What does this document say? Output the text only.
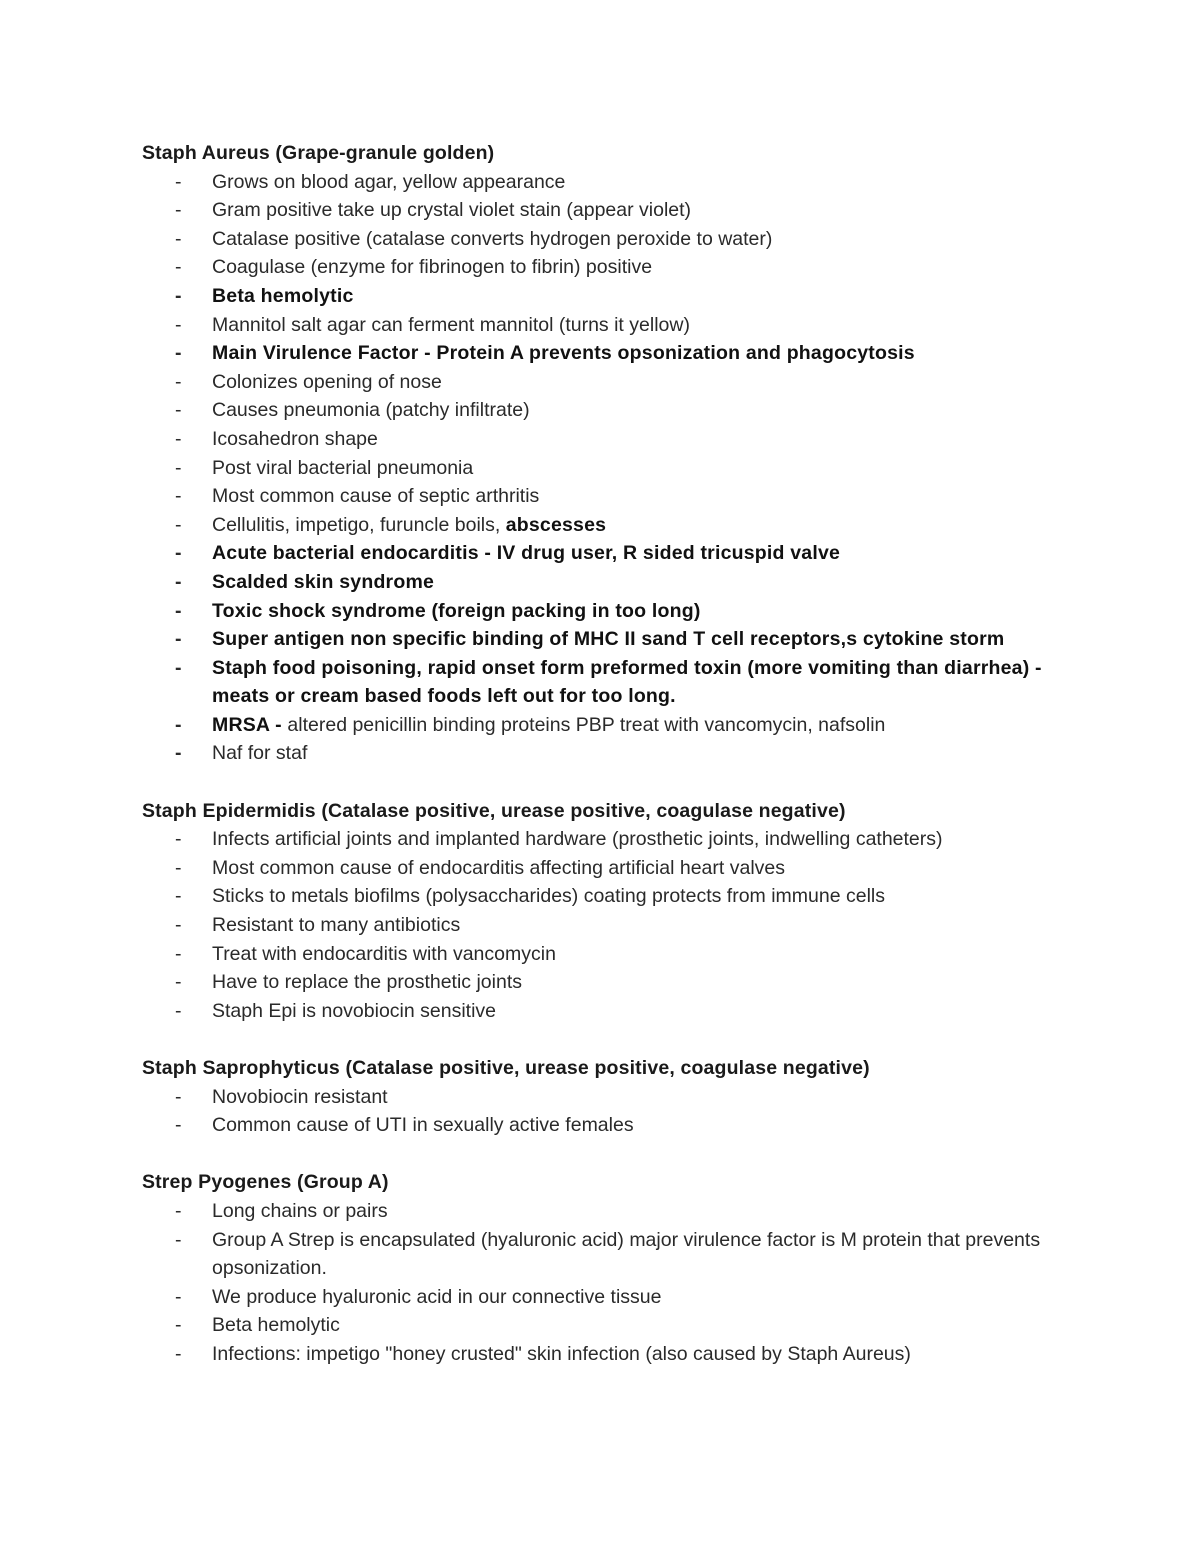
Staph Aureus (Grape-granule golden)
- Grows on blood agar, yellow appearance
- Gram positive take up crystal violet stain (appear violet)
- Catalase positive (catalase converts hydrogen peroxide to water)
- Coagulase (enzyme for fibrinogen to fibrin) positive
- Beta hemolytic
- Mannitol salt agar can ferment mannitol (turns it yellow)
- Main Virulence Factor - Protein A prevents opsonization and phagocytosis
- Colonizes opening of nose
- Causes pneumonia (patchy infiltrate)
- Icosahedron shape
- Post viral bacterial pneumonia
- Most common cause of septic arthritis
- Cellulitis, impetigo, furuncle boils, abscesses
- Acute bacterial endocarditis - IV drug user, R sided tricuspid valve
- Scalded skin syndrome
- Toxic shock syndrome (foreign packing in too long)
- Super antigen non specific binding of MHC II sand T cell receptors,s cytokine storm
- Staph food poisoning, rapid onset form preformed toxin (more vomiting than diarrhea) - meats or cream based foods left out for too long.
- MRSA - altered penicillin binding proteins PBP treat with vancomycin, nafsolin
- Naf for staf
Staph Epidermidis (Catalase positive, urease positive, coagulase negative)
- Infects artificial joints and implanted hardware (prosthetic joints, indwelling catheters)
- Most common cause of endocarditis affecting artificial heart valves
- Sticks to metals biofilms (polysaccharides) coating protects from immune cells
- Resistant to many antibiotics
- Treat with endocarditis with vancomycin
- Have to replace the prosthetic joints
- Staph Epi is novobiocin sensitive
Staph Saprophyticus (Catalase positive, urease positive, coagulase negative)
- Novobiocin resistant
- Common cause of UTI in sexually active females
Strep Pyogenes (Group A)
- Long chains or pairs
- Group A Strep is encapsulated (hyaluronic acid) major virulence factor is M protein that prevents opsonization.
- We produce hyaluronic acid in our connective tissue
- Beta hemolytic
- Infections: impetigo "honey crusted" skin infection (also caused by Staph Aureus)
